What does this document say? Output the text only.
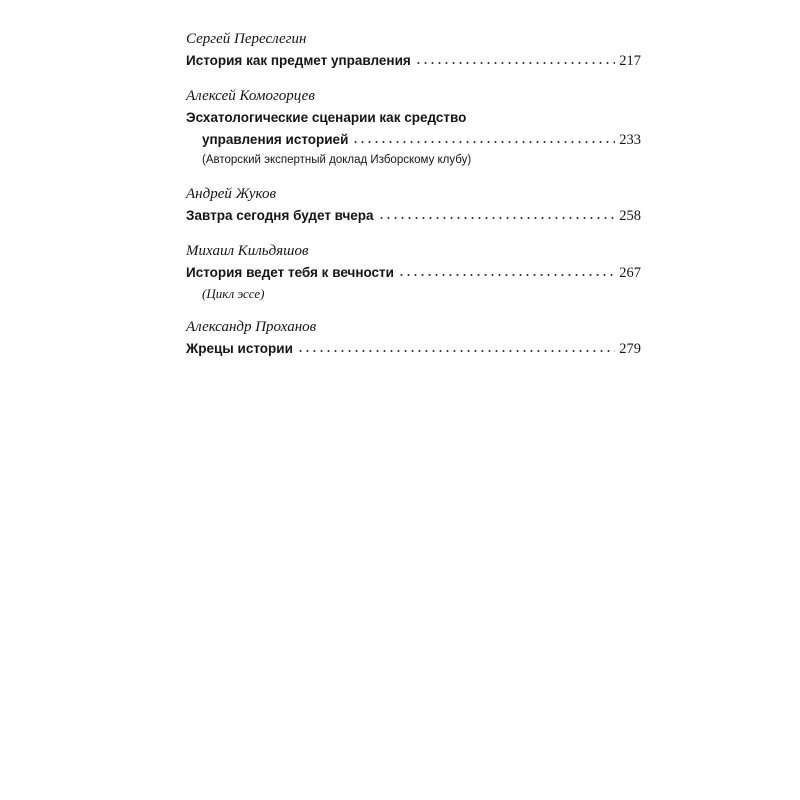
Сергей Переслегин
История как предмет управления	217
Алексей Комогорцев
Эсхатологические сценарии как средство
управления историей	233
(Авторский экспертный доклад Изборскому клубу)
Андрей Жуков
Завтра сегодня будет вчера	258
Михаил Кильдяшов
История ведет тебя к вечности	267
(Цикл эссе)
Александр Проханов
Жрецы истории	279
